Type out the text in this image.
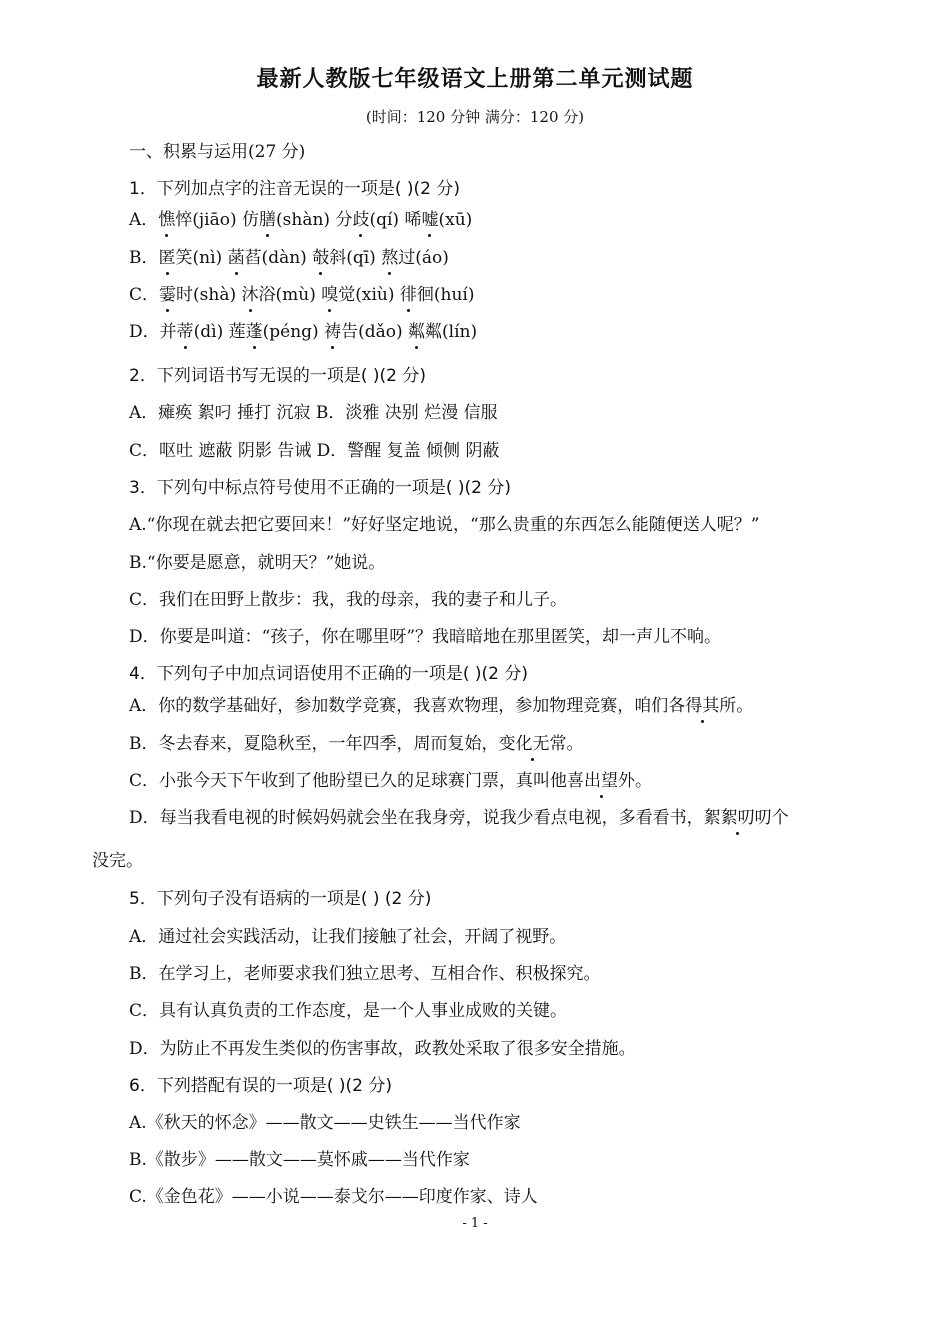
最新人教版七年级语文上册第二单元测试题
(时间：120 分钟 满分：120 分)
一、积累与运用(27 分)
1．下列加点字的注音无误的一项是( )(2 分)
A．憔悴(jiāo) 仿膳(shàn) 分歧(qí) 唏嘘(xū)
B．匿笑(nì) 菡萏(dàn) 攲斜(qī) 熬过(áo)
C．霎时(shà) 沐浴(mù) 嗅觉(xiù) 徘徊(huí)
D．并蒂(dì) 莲蓬(péng) 祷告(dǎo) 粼粼(lín)
2．下列词语书写无误的一项是( )(2 分)
A．瘫痪 絮叼 捶打 沉寂 B．淡雅 决别 烂漫 信服
C．呕吐 遮蔽 阴影 告诫 D．警醒 复盖 倾侧 阴蔽
3．下列句中标点符号使用不正确的一项是( )(2 分)
A.“你现在就去把它要回来！”好好坚定地说，“那么贵重的东西怎么能随便送人呢？”
B.“你要是愿意，就明天？”她说。
C．我们在田野上散步：我，我的母亲，我的妻子和儿子。
D．你要是叫道：“孩子，你在哪里呀”？我暗暗地在那里匿笑，却一声儿不响。
4．下列句子中加点词语使用不正确的一项是( )(2 分)
A．你的数学基础好，参加数学竞赛，我喜欢物理，参加物理竞赛，咱们各得其所。
B．冬去春来，夏隐秋至，一年四季，周而复始，变化无常。
C．小张今天下午收到了他盼望已久的足球赛门票，真叫他喜出望外。
D．每当我看电视的时候妈妈就会坐在我身旁，说我少看点电视，多看看书，絮絮叨叨个
没完。
5．下列句子没有语病的一项是( ) (2 分)
A．通过社会实践活动，让我们接触了社会，开阔了视野。
B．在学习上，老师要求我们独立思考、互相合作、积极探究。
C．具有认真负责的工作态度，是一个人事业成败的关键。
D．为防止不再发生类似的伤害事故，政教处采取了很多安全措施。
6．下列搭配有误的一项是( )(2 分)
A.《秋天的怀念》——散文——史铁生——当代作家
B.《散步》——散文——莫怀戚——当代作家
C.《金色花》——小说——泰戈尔——印度作家、诗人
- 1 -
